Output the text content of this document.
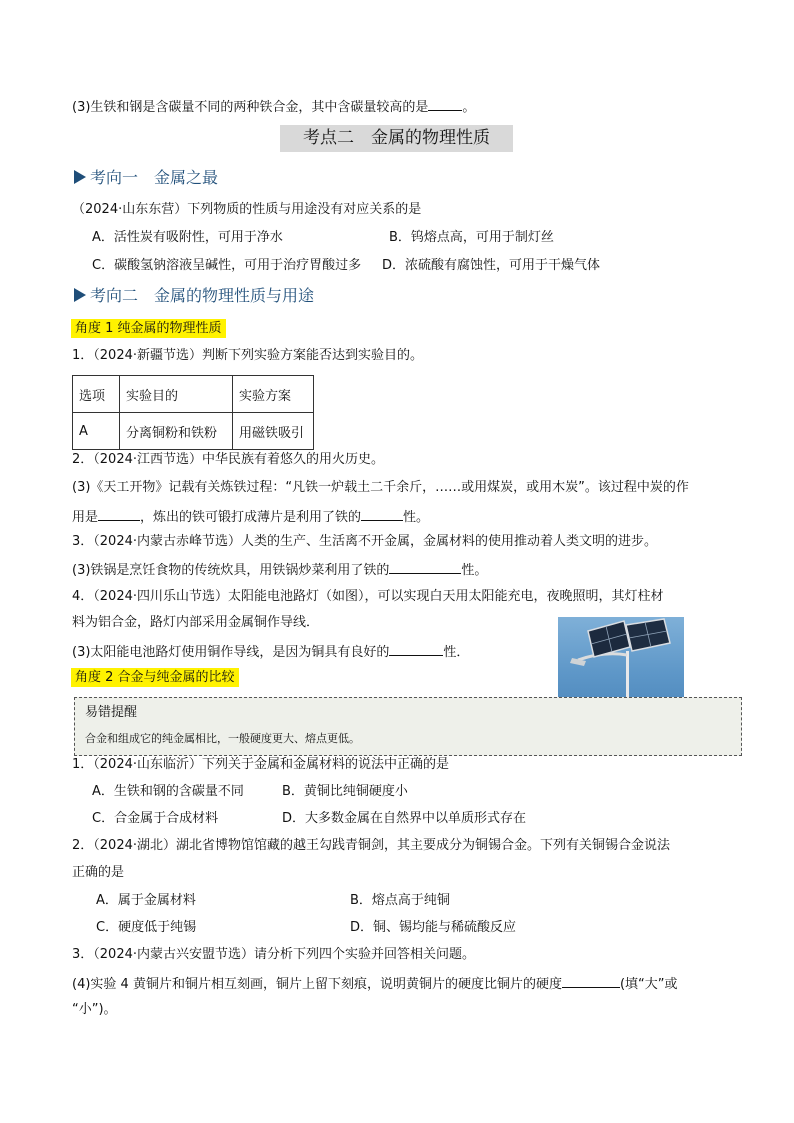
(3)生铁和钢是含碳量不同的两种铁合金，其中含碳量较高的是	。
考点二　金属的物理性质
考向一　金属之最
（2024·山东东营）下列物质的性质与用途没有对应关系的是
A．活性炭有吸附性，可用于净水	B．钨熔点高，可用于制灯丝
C．碳酸氢钠溶液呈碱性，可用于治疗胃酸过多 D．浓硫酸有腐蚀性，可用于干燥气体
考向二　金属的物理性质与用途
角度 1 纯金属的物理性质
1．（2024·新疆节选）判断下列实验方案能否达到实验目的。
选项	实验目的	实验方案
A	分离铜粉和铁粉	用磁铁吸引
2．（2024·江西节选）中华民族有着悠久的用火历史。
(3)《天工开物》记载有关炼铁过程：“凡铁一炉载土二千余斤，……或用煤炭，或用木炭”。该过程中炭的作
用是	，炼出的铁可锻打成薄片是利用了铁的	性。
3．（2024·内蒙古赤峰节选）人类的生产、生活离不开金属，金属材料的使用推动着人类文明的进步。
(3)铁锅是烹饪食物的传统炊具，用铁锅炒菜利用了铁的	性。
4．（2024·四川乐山节选）太阳能电池路灯（如图），可以实现白天用太阳能充电，夜晚照明，其灯柱材
料为铝合金，路灯内部采用金属铜作导线．
(3)太阳能电池路灯使用铜作导线，是因为铜具有良好的	性．
角度 2 合金与纯金属的比较
易错提醒
合金和组成它的纯金属相比，一般硬度更大、熔点更低。
1．（2024·山东临沂）下列关于金属和金属材料的说法中正确的是
A．生铁和钢的含碳量不同	B．黄铜比纯铜硬度小
C．合金属于合成材料	D．大多数金属在自然界中以单质形式存在
2．（2024·湖北）湖北省博物馆馆藏的越王勾践青铜剑，其主要成分为铜锡合金。下列有关铜锡合金说法
正确的是
A．属于金属材料	B．熔点高于纯铜
C．硬度低于纯锡	D．铜、锡均能与稀硫酸反应
3．（2024·内蒙古兴安盟节选）请分析下列四个实验并回答相关问题。
(4)实验 4 黄铜片和铜片相互刻画，铜片上留下刻痕，说明黄铜片的硬度比铜片的硬度	(填“大”或
“小”)。
